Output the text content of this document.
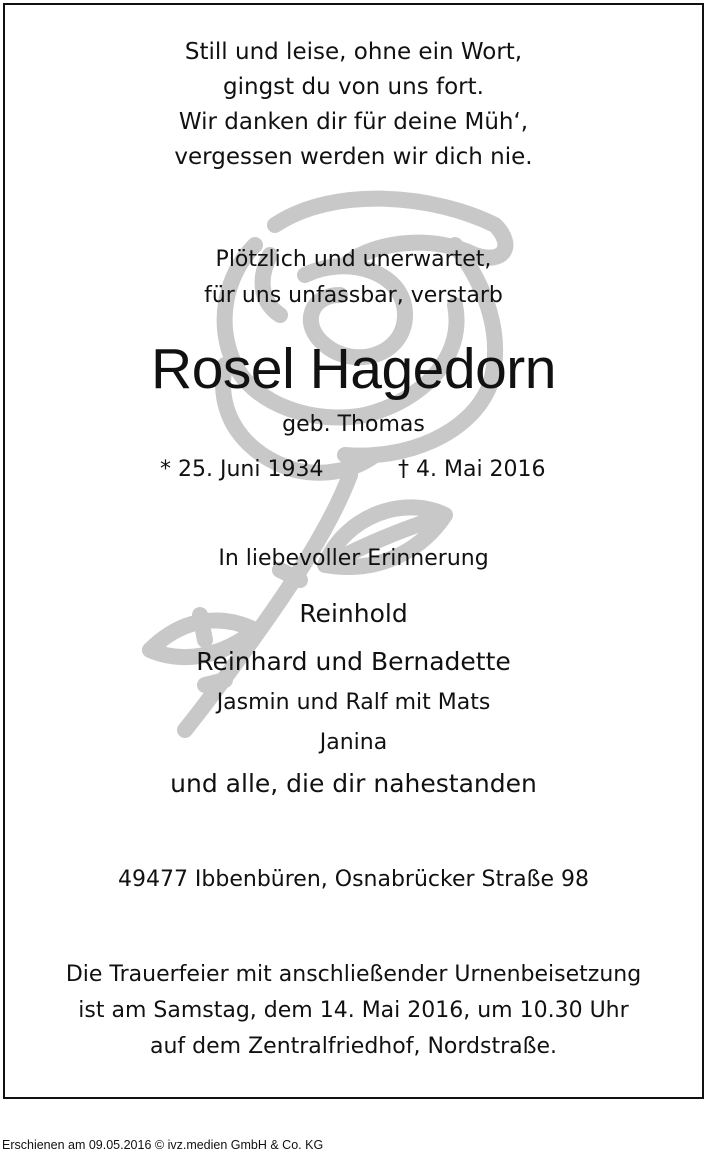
Still und leise, ohne ein Wort,
gingst du von uns fort.
Wir danken dir für deine Müh‘,
vergessen werden wir dich nie.
Plötzlich und unerwartet,
für uns unfassbar, verstarb
Rosel Hagedorn
geb. Thomas
* 25. Juni 1934	† 4. Mai 2016
In liebevoller Erinnerung
Reinhold
Reinhard und Bernadette
Jasmin und Ralf mit Mats
Janina
und alle, die dir nahestanden
49477 Ibbenbüren, Osnabrücker Straße 98
Die Trauerfeier mit anschließender Urnenbeisetzung
ist am Samstag, dem 14. Mai 2016, um 10.30 Uhr
auf dem Zentralfriedhof, Nordstraße.
Erschienen am 09.05.2016 © ivz.medien GmbH & Co. KG
